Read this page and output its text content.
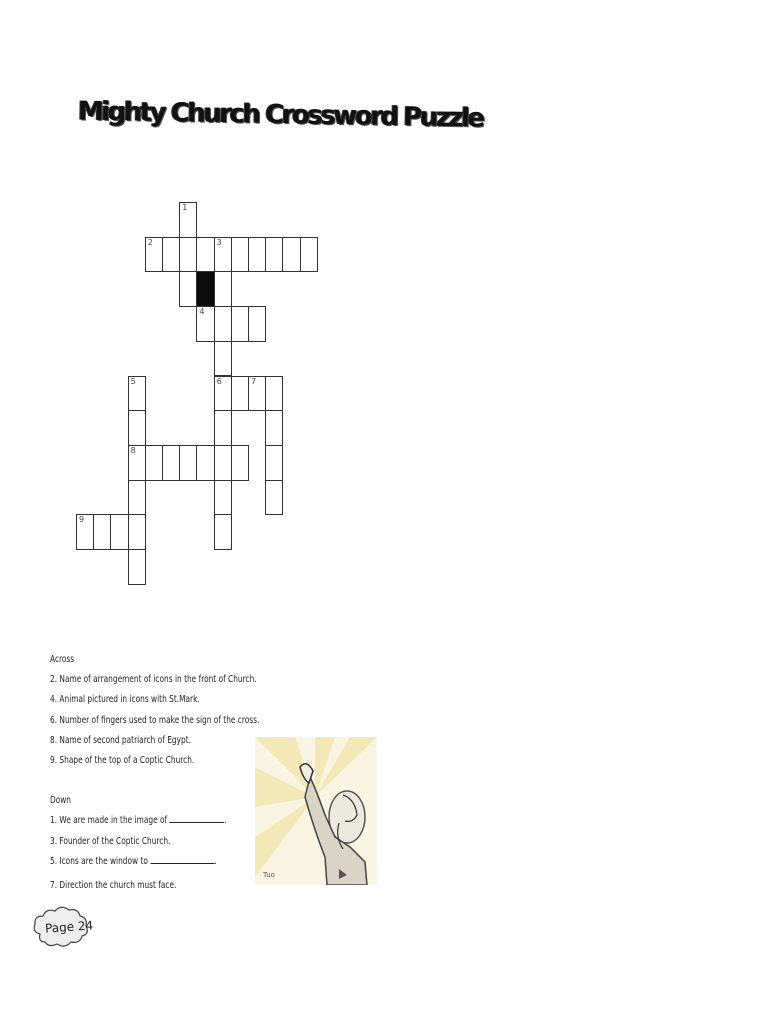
Mighty Church Crossword Puzzle
1
2	3
6
4
5
8
7
9
Across
2. Name of arrangement of icons in the front of Church.
4. Animal pictured in icons with St.Mark.
6. Number of fingers used to make the sign of the cross.
8. Name of second patriarch of Egypt.
9. Shape of the top of a Coptic Church.
Down
1. We are made in the image of	.
3. Founder of the Coptic Church.
5. Icons are the window to	.
7. Direction the church must face.
Tuo
Page 24
